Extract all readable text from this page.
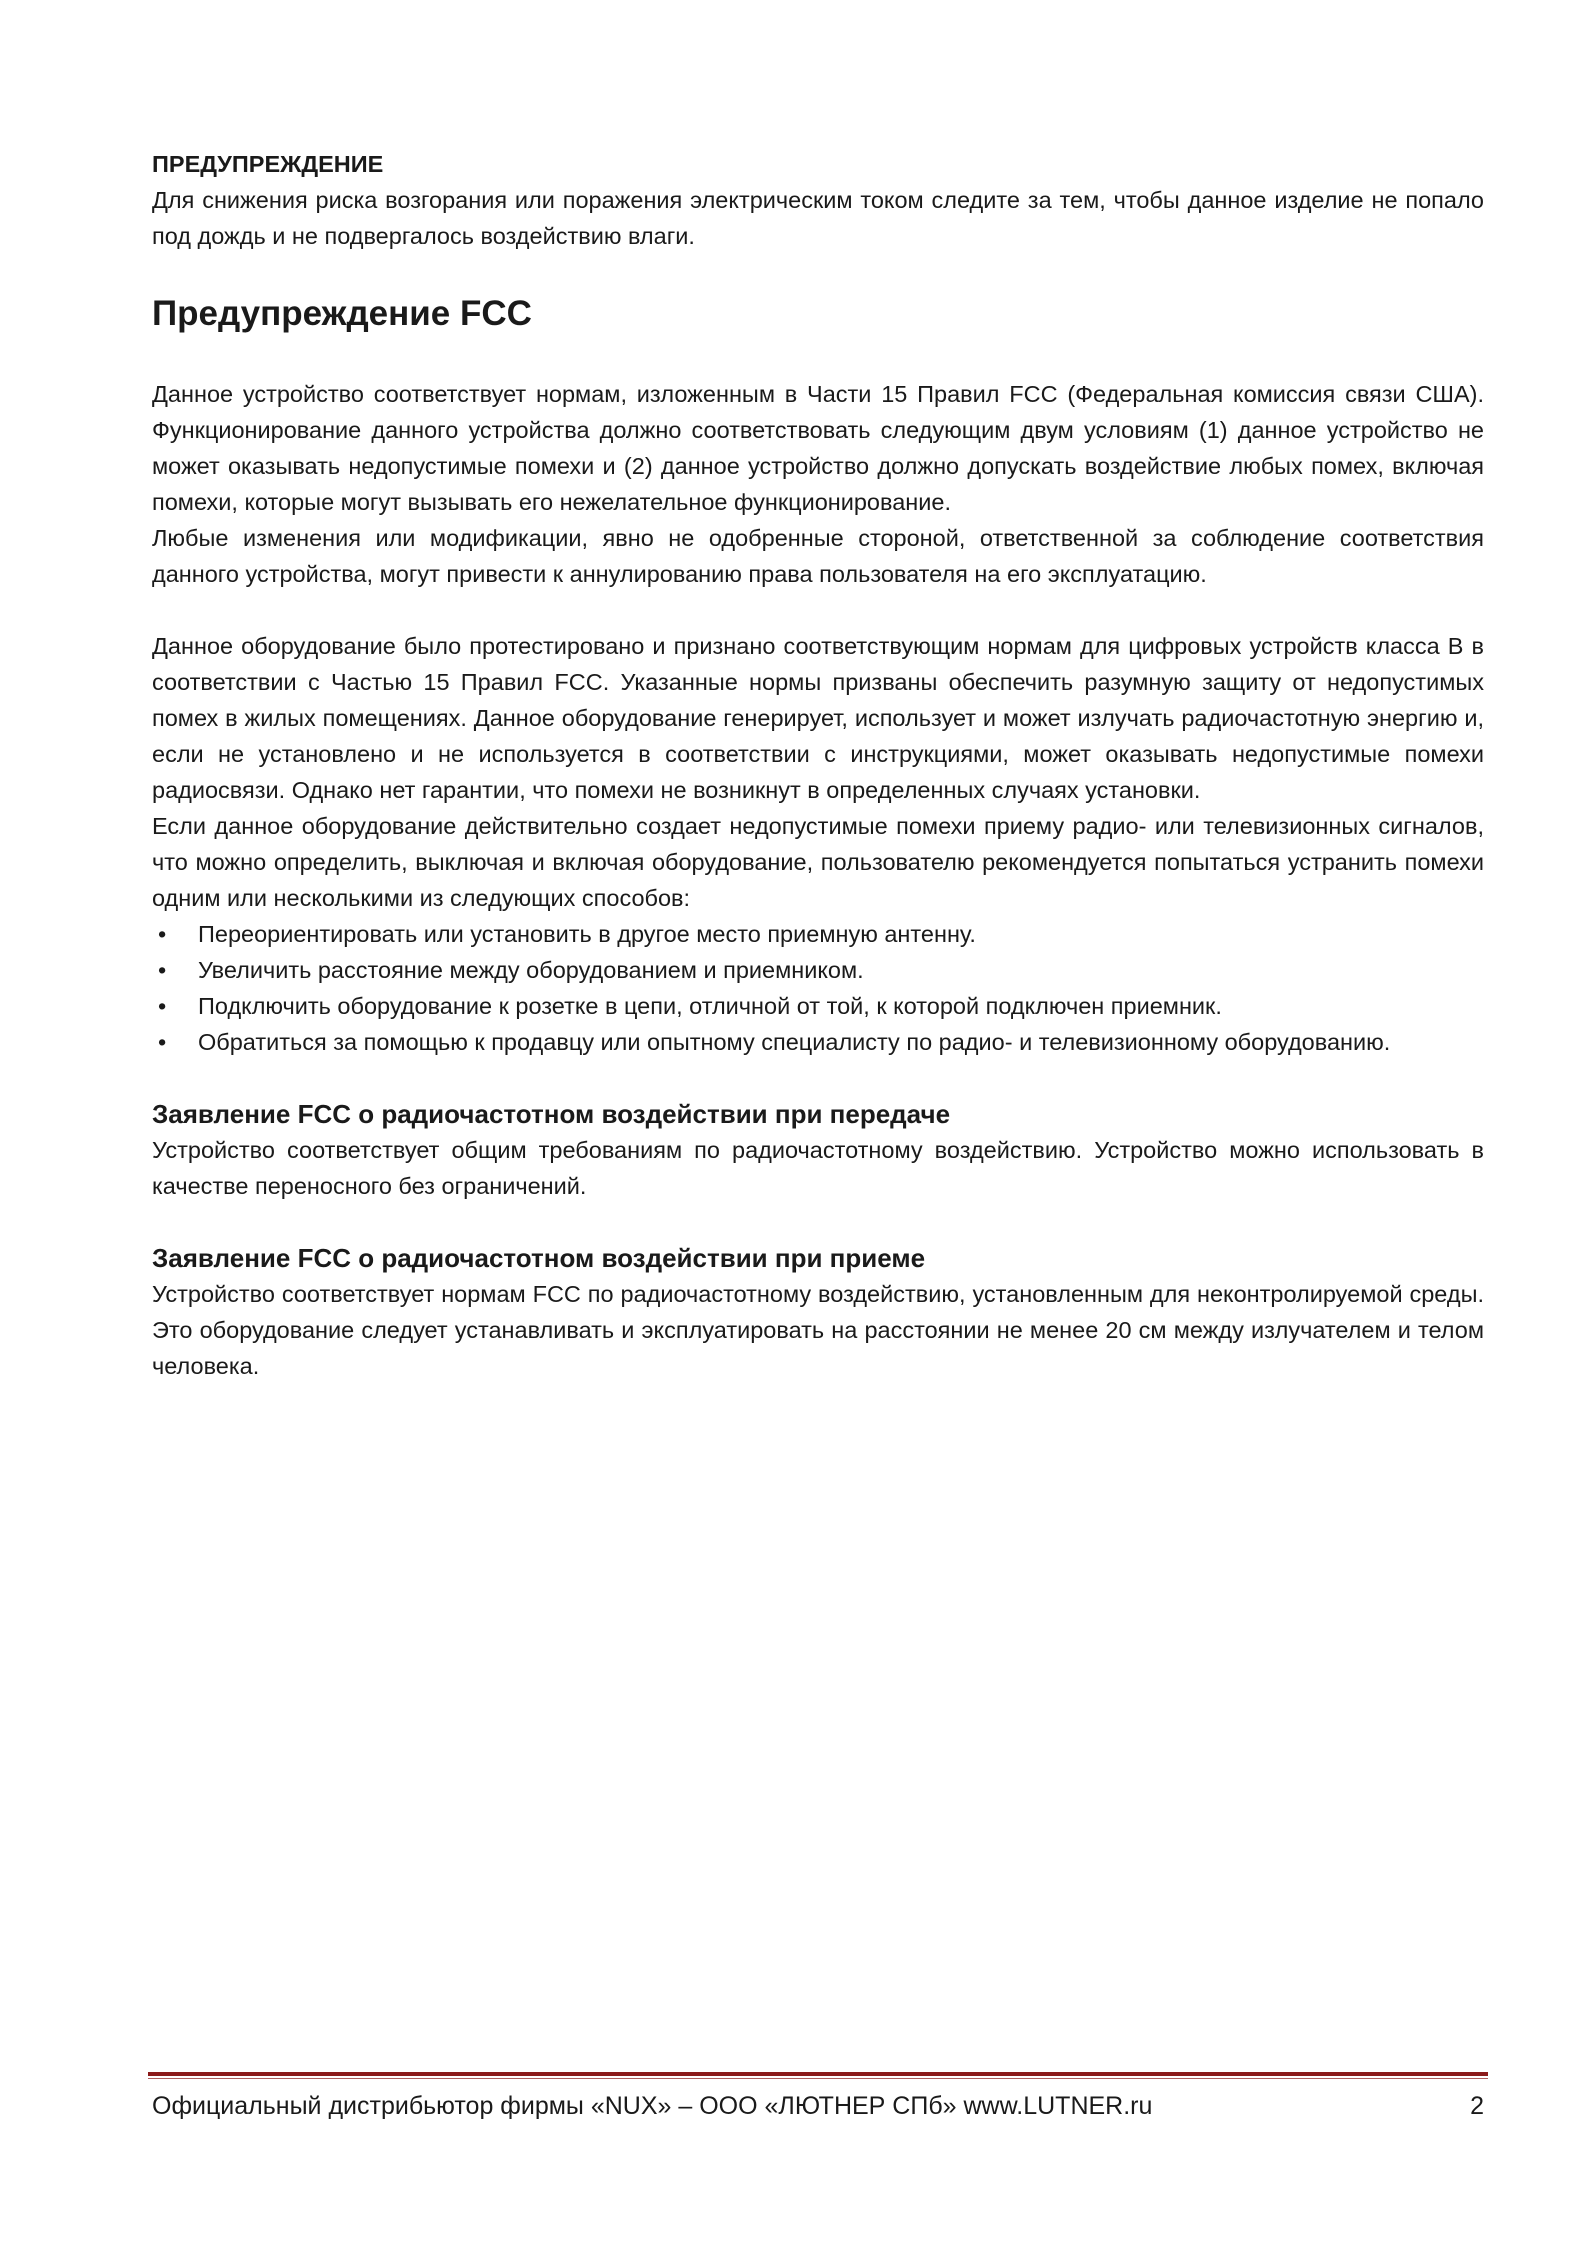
ПРЕДУПРЕЖДЕНИЕ

Для снижения риска возгорания или поражения электрическим током следите за тем, чтобы данное изделие не попало под дождь и не подвергалось воздействию влаги.

Предупреждение FCC

Данное устройство соответствует нормам, изложенным в Части 15 Правил FCC (Федеральная комиссия связи США). Функционирование данного устройства должно соответствовать следующим двум условиям (1) данное устройство не может оказывать недопустимые помехи и (2) данное устройство должно допускать воздействие любых помех, включая помехи, которые могут вызывать его нежелательное функционирование.

Любые изменения или модификации, явно не одобренные стороной, ответственной за соблюдение соответствия данного устройства, могут привести к аннулированию права пользователя на его эксплуатацию.

Данное оборудование было протестировано и признано соответствующим нормам для цифровых устройств класса B в соответствии с Частью 15 Правил FCC. Указанные нормы призваны обеспечить разумную защиту от недопустимых помех в жилых помещениях. Данное оборудование генерирует, использует и может излучать радиочастотную энергию и, если не установлено и не используется в соответствии с инструкциями, может оказывать недопустимые помехи радиосвязи. Однако нет гарантии, что помехи не возникнут в определенных случаях установки.

Если данное оборудование действительно создает недопустимые помехи приему радио- или телевизионных сигналов, что можно определить, выключая и включая оборудование, пользователю рекомендуется попытаться устранить помехи одним или несколькими из следующих способов:

• Переориентировать или установить в другое место приемную антенну.
• Увеличить расстояние между оборудованием и приемником.
• Подключить оборудование к розетке в цепи, отличной от той, к которой подключен приемник.
• Обратиться за помощью к продавцу или опытному специалисту по радио- и телевизионному оборудованию.
Заявление FCC о радиочастотном воздействии при передаче

Устройство соответствует общим требованиям по радиочастотному воздействию. Устройство можно использовать в качестве переносного без ограничений.

Заявление FCC о радиочастотном воздействии при приеме

Устройство соответствует нормам FCC по радиочастотному воздействию, установленным для неконтролируемой среды. Это оборудование следует устанавливать и эксплуатировать на расстоянии не менее 20 см между излучателем и телом человека.

Официальный дистрибьютор фирмы «NUX» – ООО «ЛЮТНЕР СПб» www.LUTNER.ru	2
